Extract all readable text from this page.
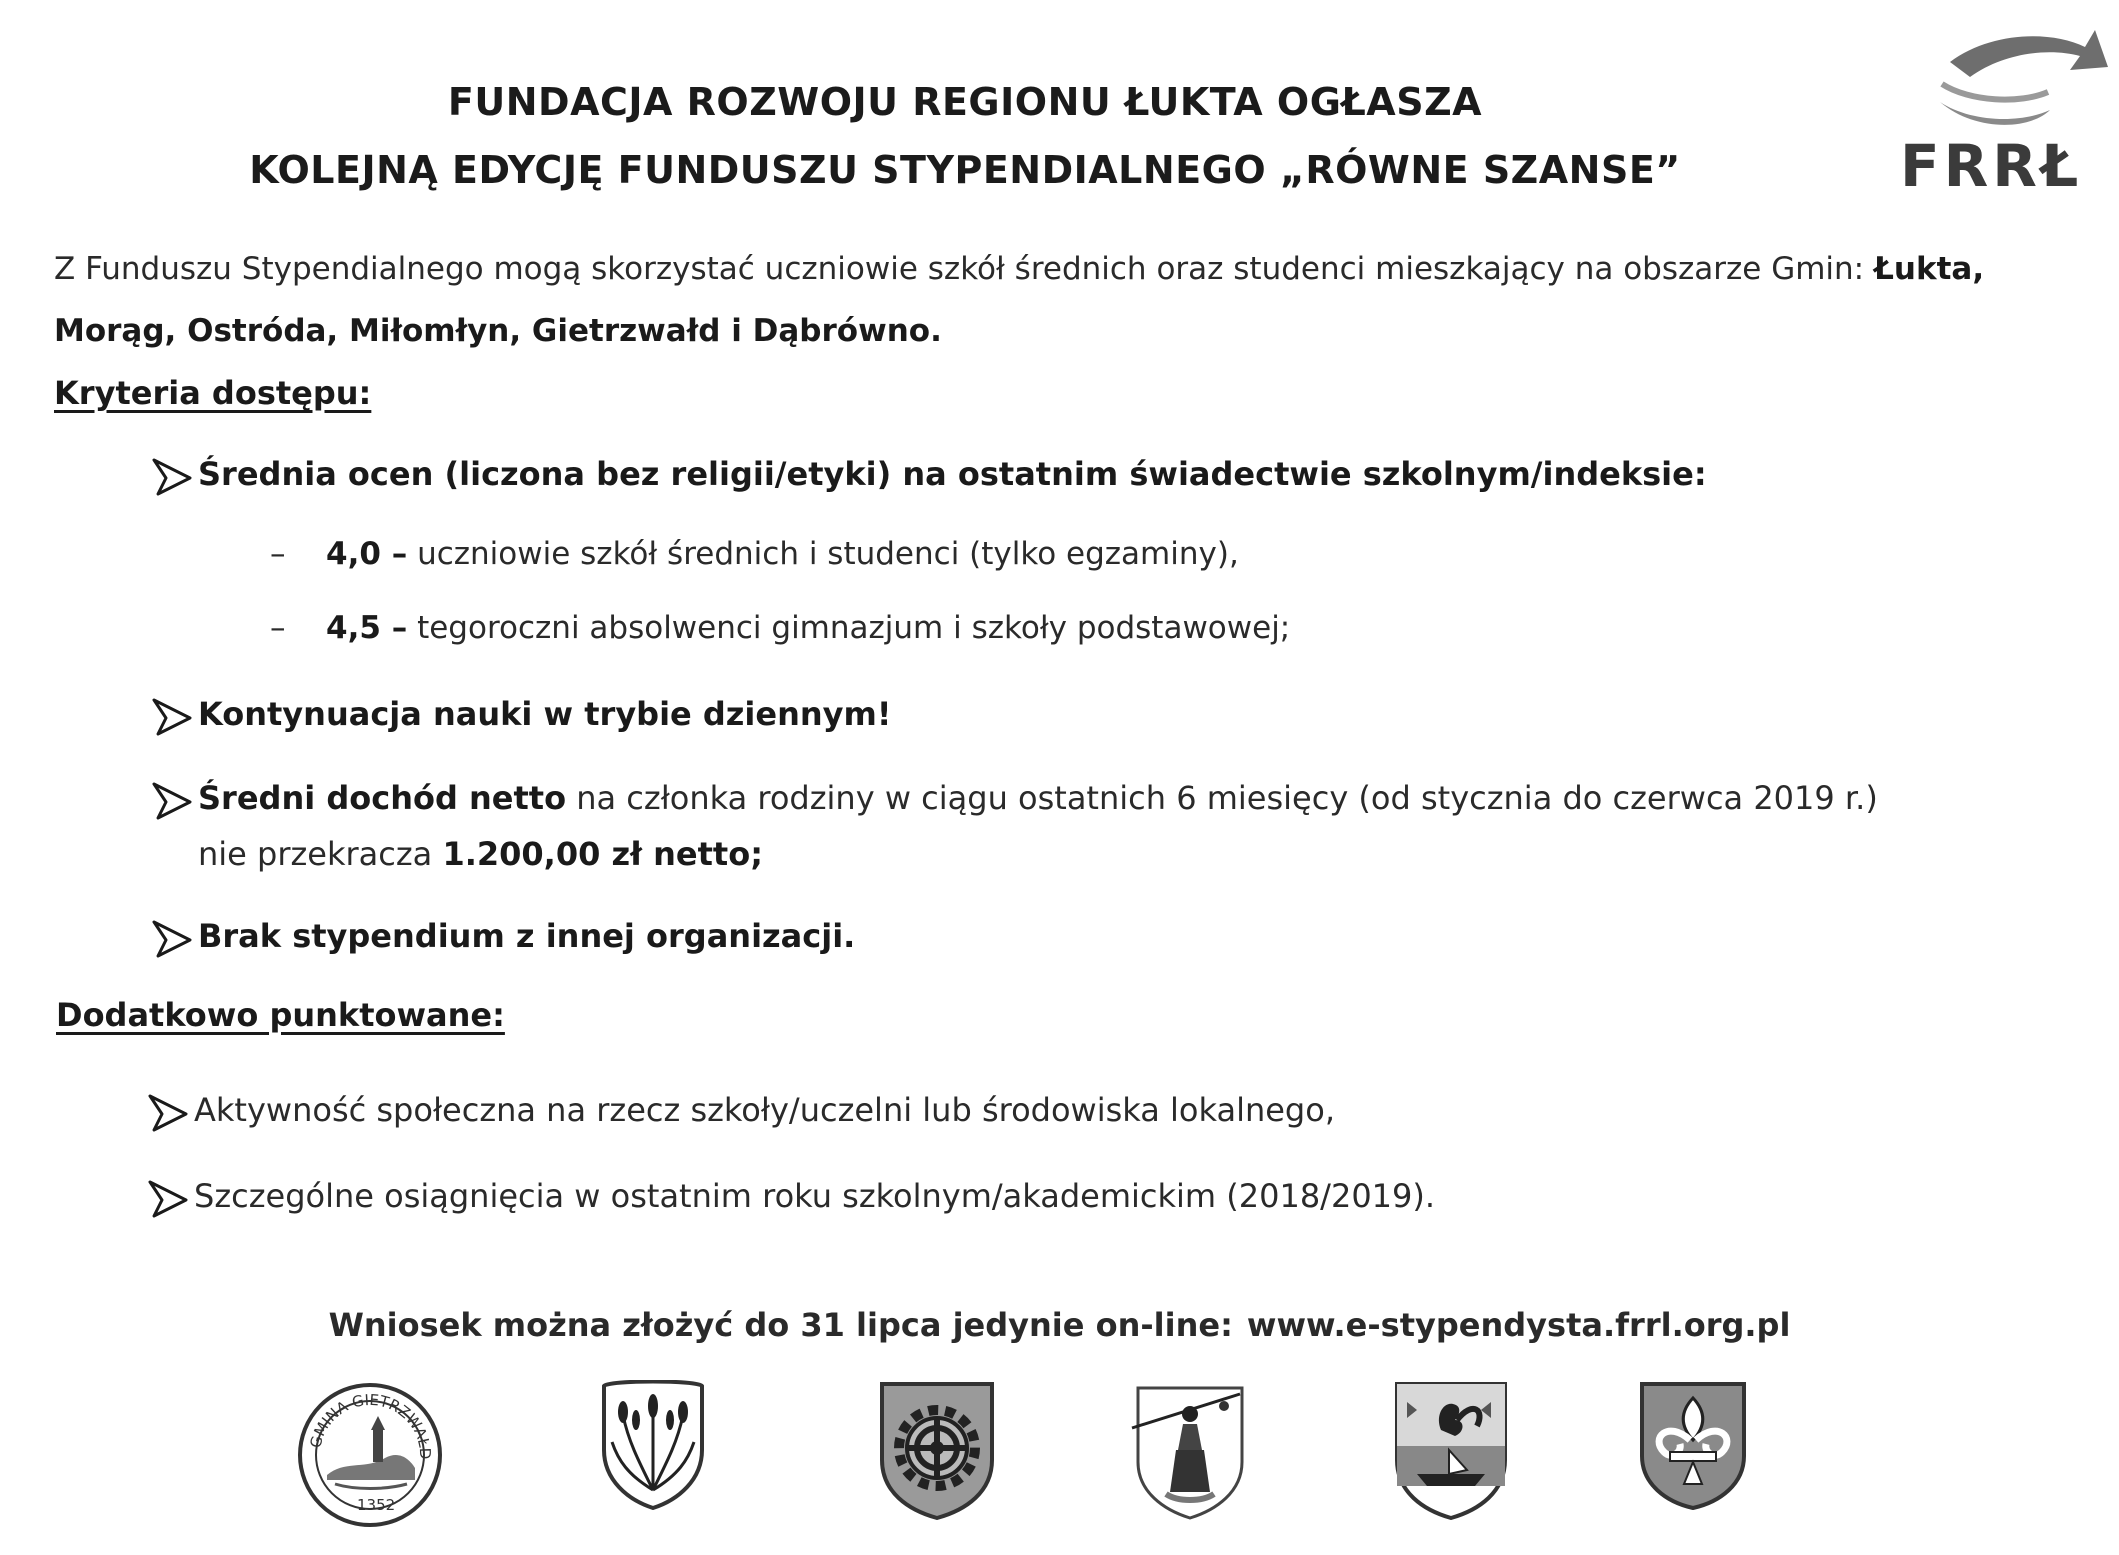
FUNDACJA ROZWOJU REGIONU ŁUKTA OGŁASZA
KOLEJNĄ EDYCJĘ FUNDUSZU STYPENDIALNEGO „RÓWNE SZANSE”	FRRŁ
Z Funduszu Stypendialnego mogą skorzystać uczniowie szkół średnich oraz studenci mieszkający na obszarze Gmin: Łukta, Morąg, Ostróda, Miłomłyn, Gietrzwałd i Dąbrówno.
Kryteria dostępu:
Średnia ocen (liczona bez religii/etyki) na ostatnim świadectwie szkolnym/indeksie:
– 4,0 – uczniowie szkół średnich i studenci (tylko egzaminy),
– 4,5 – tegoroczni absolwenci gimnazjum i szkoły podstawowej;
Kontynuacja nauki w trybie dziennym!
Średni dochód netto na członka rodziny w ciągu ostatnich 6 miesięcy (od stycznia do czerwca 2019 r.)
nie przekracza 1.200,00 zł netto;
Brak stypendium z innej organizacji.
Dodatkowo punktowane:
Aktywność społeczna na rzecz szkoły/uczelni lub środowiska lokalnego,
Szczególne osiągnięcia w ostatnim roku szkolnym/akademickim (2018/2019).
Wniosek można złożyć do 31 lipca jedynie on-line: www.e-stypendysta.frrl.org.pl
GMINA GIETRZWAŁD
1352
